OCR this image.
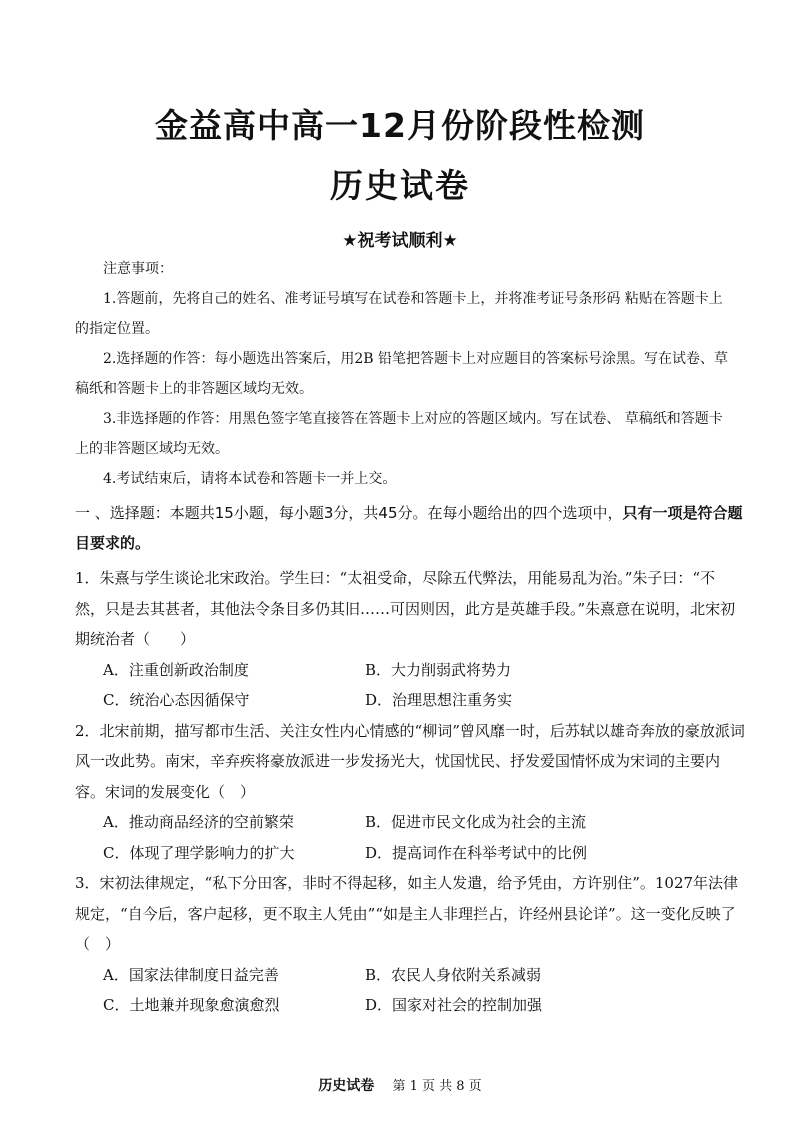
金益高中高一12月份阶段性检测
历史试卷
★祝考试顺利★

注意事项：

1.答题前，先将自己的姓名、准考证号填写在试卷和答题卡上，并将准考证号条形码 粘贴在答题卡上的指定位置。

2.选择题的作答：每小题选出答案后，用2B 铅笔把答题卡上对应题目的答案标号涂黑。写在试卷、草稿纸和答题卡上的非答题区域均无效。

3.非选择题的作答：用黑色签字笔直接答在答题卡上对应的答题区域内。写在试卷、 草稿纸和答题卡上的非答题区域均无效。

4.考试结束后，请将本试卷和答题卡一并上交。

一 、选择题：本题共15小题，每小题3分，共45分。在每小题给出的四个选项中，只有一项是符合题目要求的。

1．朱熹与学生谈论北宋政治。学生曰：“太祖受命，尽除五代弊法，用能易乱为治。”朱子曰：“不然，只是去其甚者，其他法令条目多仍其旧……可因则因，此方是英雄手段。”朱熹意在说明，北宋初期统治者（　　）

A．注重创新政治制度	B．大力削弱武将势力
C．统治心态因循保守	D．治理思想注重务实

2．北宋前期，描写都市生活、关注女性内心情感的“柳词”曾风靡一时，后苏轼以雄奇奔放的豪放派词风一改此势。南宋，辛弃疾将豪放派进一步发扬光大，忧国忧民、抒发爱国情怀成为宋词的主要内容。宋词的发展变化（　）

A．推动商品经济的空前繁荣	B．促进市民文化成为社会的主流
C．体现了理学影响力的扩大	D．提高词作在科举考试中的比例

3．宋初法律规定，“私下分田客，非时不得起移，如主人发遣，给予凭由，方许别住”。1027年法律规定，“自今后，客户起移，更不取主人凭由”“如是主人非理拦占，许经州县论详”。这一变化反映了（　）

A．国家法律制度日益完善	B．农民人身依附关系减弱
C．土地兼并现象愈演愈烈	D．国家对社会的控制加强
历史试卷 第 1 页 共 8 页
